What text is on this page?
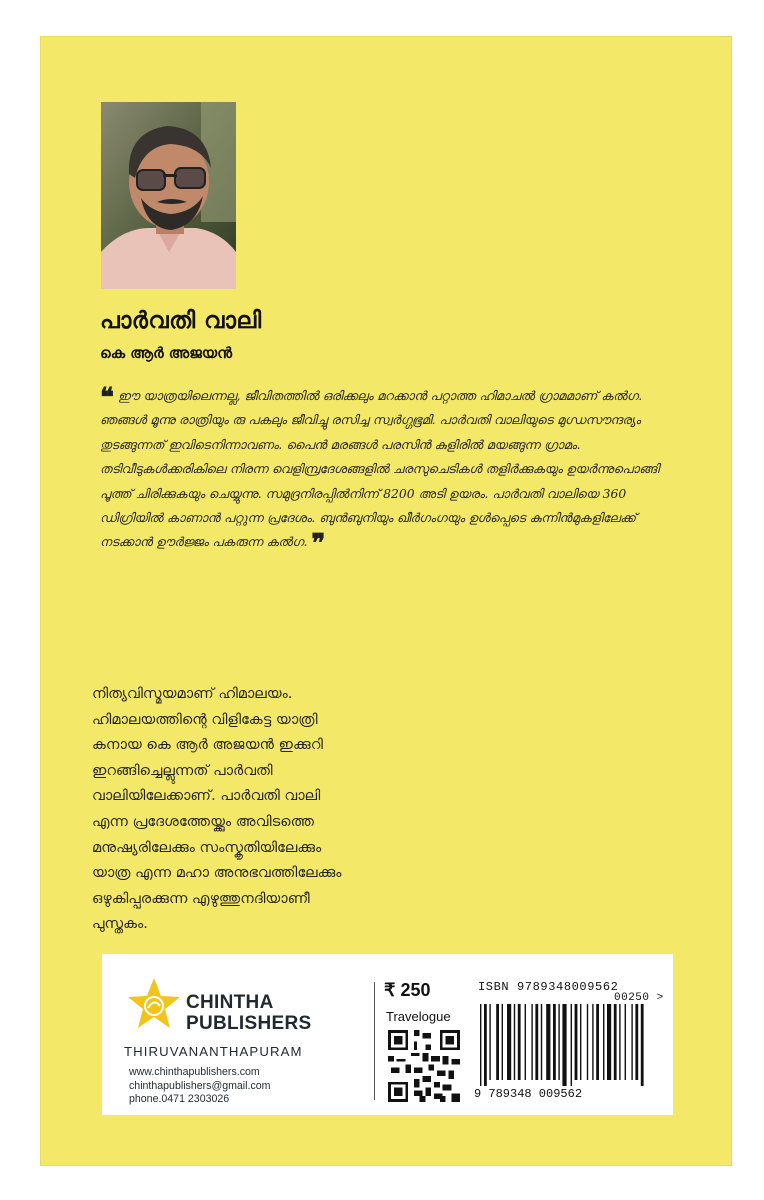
പാർവതി വാലി
കെ ആർ അജയൻ
❝ ഈ യാത്രയിലെന്നല്ല, ജീവിതത്തിൽ ഒരിക്കലും മറക്കാൻ പറ്റാത്ത ഹിമാചൽ ഗ്രാമമാണ് കൽഗ. ഞങ്ങൾ മൂന്നു രാത്രിയും രു പകലും ജീവിച്ചു രസിച്ച സ്വർഗ്ഗഭൂമി. പാർവതി വാലിയുടെ മുഗ്ധസൗന്ദര്യം തുടങ്ങുന്നത് ഇവിടെനിന്നാവണം. പൈൻ മരങ്ങൾ പരസിൻ കുളിരിൽ മയങ്ങുന്ന ഗ്രാമം. തടിവീടുകൾക്കരികിലെ നിരന്ന വെളിമ്പ്രദേശങ്ങളിൽ ചരസുചെടികൾ തളിർക്കുകയും ഉയർന്നുപൊങ്ങി പൂത്ത് ചിരിക്കുകയും ചെയ്യുന്നു. സമുദ്രനിരപ്പിൽനിന്ന് 8200 അടി ഉയരം. പാർവതി വാലിയെ 360 ഡിഗ്രിയിൽ കാണാൻ പറ്റുന്ന പ്രദേശം. ബുൻബുനിയും ഖീർഗംഗയും ഉൾപ്പെടെ കുന്നിൻമുകളിലേക്ക് നടക്കാൻ ഊർജ്ജം പകരുന്ന കൽഗ. ❞
നിത്യവിസ്മയമാണ് ഹിമാലയം.
ഹിമാലയത്തിന്റെ വിളികേട്ട യാത്രി
കനായ കെ ആർ അജയൻ ഇക്കുറി
ഇറങ്ങിച്ചെല്ലുന്നത് പാർവതി
വാലിയിലേക്കാണ്. പാർവതി വാലി
എന്ന പ്രദേശത്തേയ്ക്കും അവിടത്തെ
മനുഷ്യരിലേക്കും സംസ്കൃതിയിലേക്കും
യാത്ര എന്ന മഹാ അനുഭവത്തിലേക്കും
ഒഴുകിപ്പരക്കുന്ന എഴുത്തുനദിയാണീ
പുസ്തകം.
CHINTHA
PUBLISHERS
THIRUVANANTHAPURAM
www.chinthapublishers.com
chinthapublishers@gmail.com
phone.0471 2303026
₹ 250
Travelogue
ISBN 9789348009562
9 789348 009562
00250 >
